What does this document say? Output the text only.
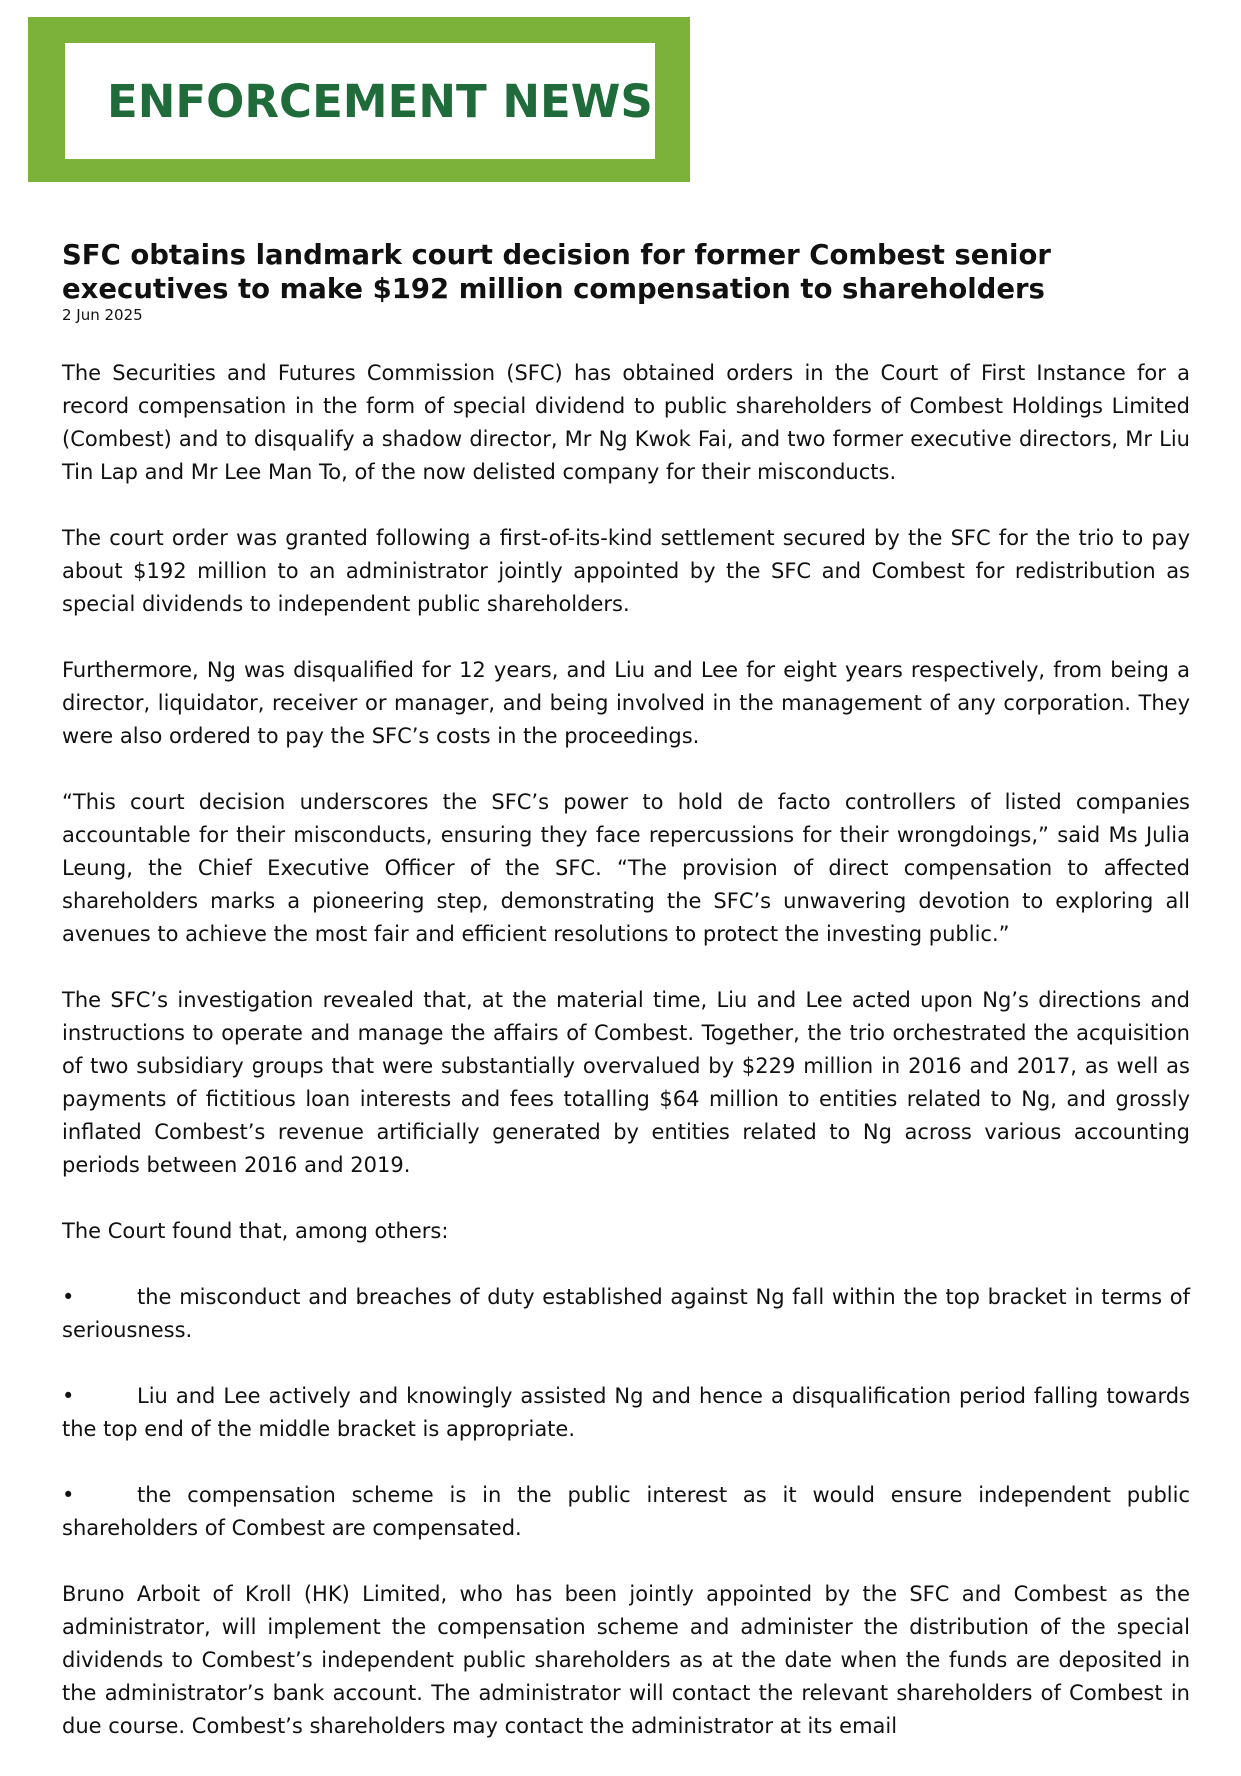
ENFORCEMENT NEWS
SFC obtains landmark court decision for former Combest senior executives to make $192 million compensation to shareholders

2 Jun 2025

The Securities and Futures Commission (SFC) has obtained orders in the Court of First Instance for a record compensation in the form of special dividend to public shareholders of Combest Holdings Limited (Combest) and to disqualify a shadow director, Mr Ng Kwok Fai, and two former executive directors, Mr Liu Tin Lap and Mr Lee Man To, of the now delisted company for their misconducts.

The court order was granted following a first-of-its-kind settlement secured by the SFC for the trio to pay about $192 million to an administrator jointly appointed by the SFC and Combest for redistribution as special dividends to independent public shareholders.

Furthermore, Ng was disqualified for 12 years, and Liu and Lee for eight years respectively, from being a director, liquidator, receiver or manager, and being involved in the management of any corporation. They were also ordered to pay the SFC’s costs in the proceedings.

“This court decision underscores the SFC’s power to hold de facto controllers of listed companies accountable for their misconducts, ensuring they face repercussions for their wrongdoings,” said Ms Julia Leung, the Chief Executive Officer of the SFC. “The provision of direct compensation to affected shareholders marks a pioneering step, demonstrating the SFC’s unwavering devotion to exploring all avenues to achieve the most fair and efficient resolutions to protect the investing public.”

The SFC’s investigation revealed that, at the material time, Liu and Lee acted upon Ng’s directions and instructions to operate and manage the affairs of Combest. Together, the trio orchestrated the acquisition of two subsidiary groups that were substantially overvalued by $229 million in 2016 and 2017, as well as payments of fictitious loan interests and fees totalling $64 million to entities related to Ng, and grossly inflated Combest’s revenue artificially generated by entities related to Ng across various accounting periods between 2016 and 2019.

The Court found that, among others:

•	the misconduct and breaches of duty established against Ng fall within the top bracket in terms of seriousness.

•	Liu and Lee actively and knowingly assisted Ng and hence a disqualification period falling towards the top end of the middle bracket is appropriate.

•	the compensation scheme is in the public interest as it would ensure independent public shareholders of Combest are compensated.

Bruno Arboit of Kroll (HK) Limited, who has been jointly appointed by the SFC and Combest as the administrator, will implement the compensation scheme and administer the distribution of the special dividends to Combest’s independent public shareholders as at the date when the funds are deposited in the administrator’s bank account. The administrator will contact the relevant shareholders of Combest in due course. Combest’s shareholders may contact the administrator at its email
